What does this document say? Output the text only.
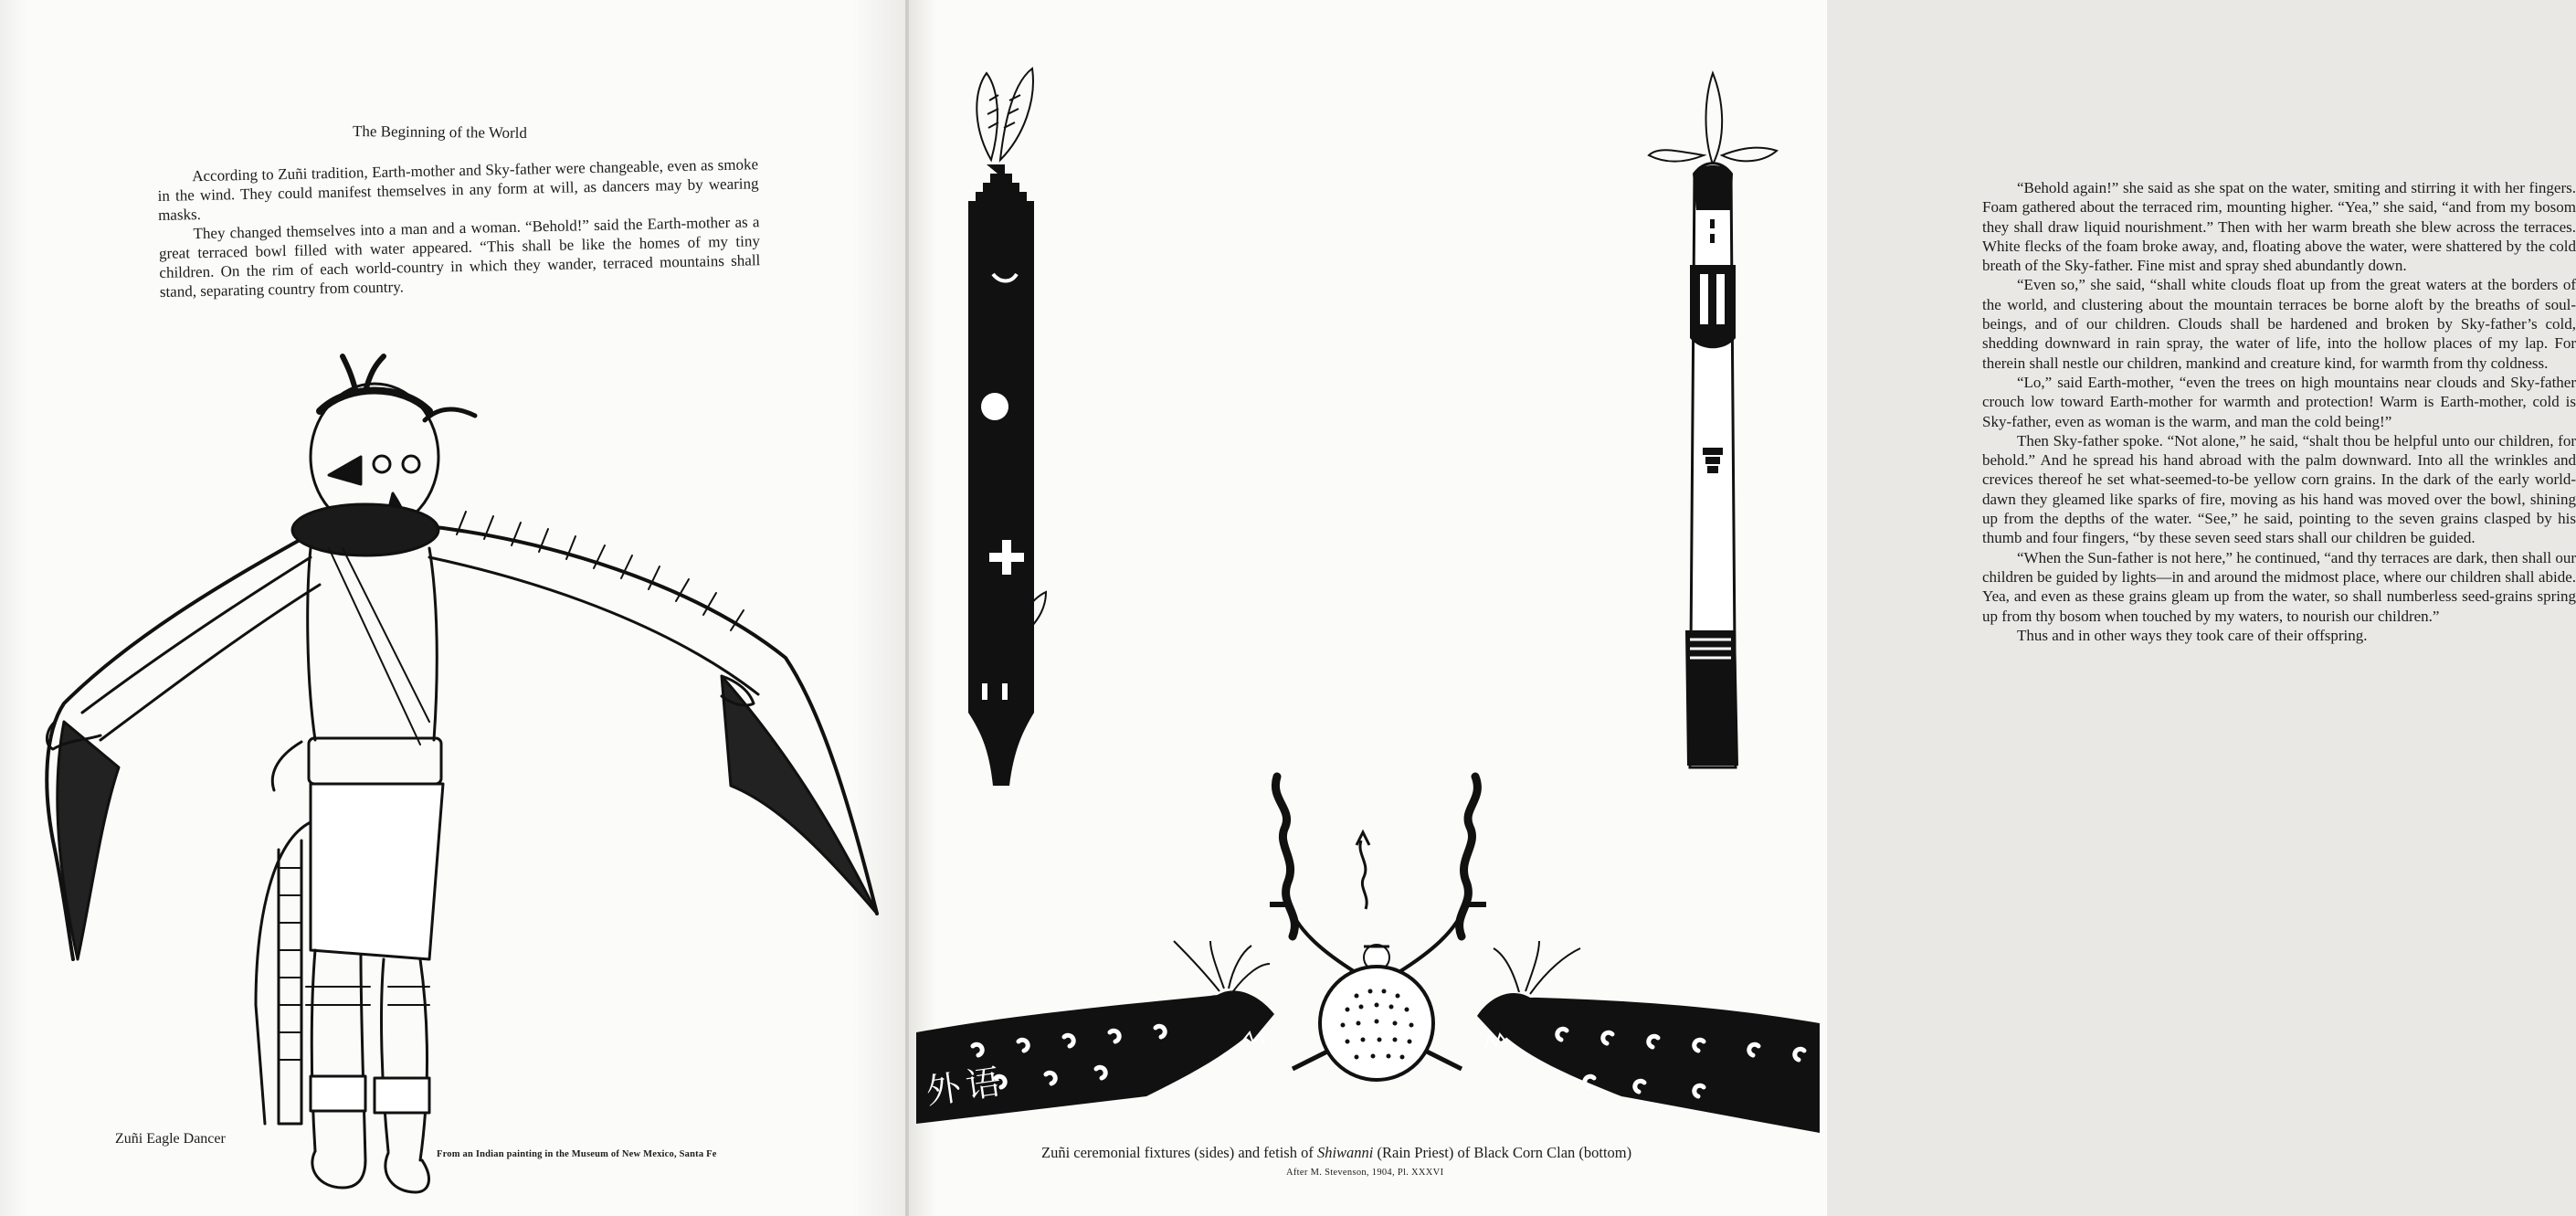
The Beginning of the World

According to Zuñi tradition, Earth-mother and Sky-father were changeable, even as smoke in the wind. They could manifest themselves in any form at will, as dancers may by wearing masks.

They changed themselves into a man and a woman. “Behold!” said the Earth-mother as a great terraced bowl filled with water appeared. “This shall be like the homes of my tiny children. On the rim of each world-country in which they wander, terraced mountains shall stand, separating country from country.

Zuñi Eagle Dancer
From an Indian painting in the Museum of New Mexico, Santa Fe

“Behold again!” she said as she spat on the water, smiting and stirring it with her fingers. Foam gathered about the terraced rim, mounting higher. “Yea,” she said, “and from my bosom they shall draw liquid nourishment.” Then with her warm breath she blew across the terraces. White flecks of the foam broke away, and, floating above the water, were shattered by the cold breath of the Sky-father. Fine mist and spray shed abundantly down.

“Even so,” she said, “shall white clouds float up from the great waters at the borders of the world, and clustering about the mountain terraces be borne aloft by the breaths of soul-beings, and of our children. Clouds shall be hardened and broken by Sky-father’s cold, shedding downward in rain spray, the water of life, into the hollow places of my lap. For therein shall nestle our children, mankind and creature kind, for warmth from thy coldness.

“Lo,” said Earth-mother, “even the trees on high mountains near clouds and Sky-father crouch low toward Earth-mother for warmth and protection! Warm is Earth-mother, cold is Sky-father, even as woman is the warm, and man the cold being!”

Then Sky-father spoke. “Not alone,” he said, “shalt thou be helpful unto our children, for behold.” And he spread his hand abroad with the palm downward. Into all the wrinkles and crevices thereof he set what-seemed-to-be yellow corn grains. In the dark of the early world-dawn they gleamed like sparks of fire, moving as his hand was moved over the bowl, shining up from the depths of the water. “See,” he said, pointing to the seven grains clasped by his thumb and four fingers, “by these seven seed stars shall our children be guided.

“When the Sun-father is not here,” he continued, “and thy terraces are dark, then shall our children be guided by lights—in and around the midmost place, where our children shall abide. Yea, and even as these grains gleam up from the water, so shall numberless seed-grains spring up from thy bosom when touched by my waters, to nourish our children.”

Thus and in other ways they took care of their offspring.

外语
Zuñi ceremonial fixtures (sides) and fetish of Shiwanni (Rain Priest) of Black Corn Clan (bottom)
After M. Stevenson, 1904, Pl. XXXVI
